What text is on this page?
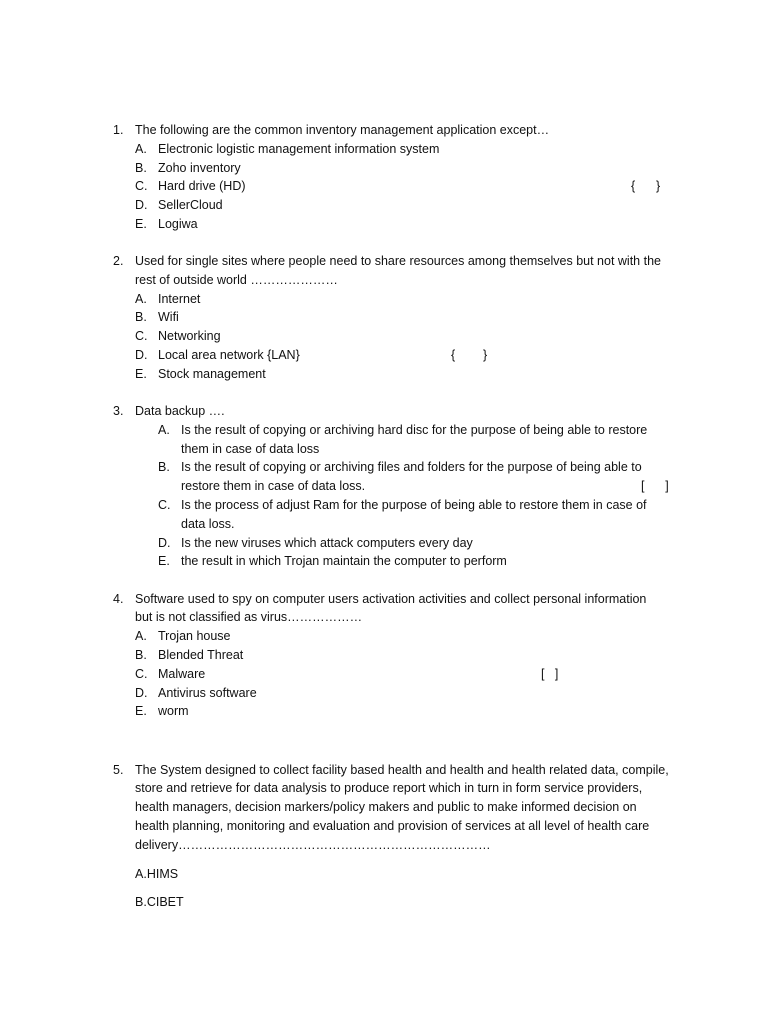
1. The following are the common inventory management application except…
A. Electronic logistic management information system
B. Zoho inventory
C. Hard drive (HD)	{      }
D. SellerCloud
E. Logiwa
2. Used for single sites where people need to share resources among themselves but not with the
rest of outside world …………………
A. Internet
B. Wifi
C. Networking
D. Local area network {LAN}	{        }
E. Stock management
3. Data backup ….
A. Is the result of copying or archiving hard disc for the purpose of being able to restore
them in case of data loss
B. Is the result of copying or archiving files and folders for the purpose of being able to
restore them in case of data loss.	[      ]
C. Is the process of adjust Ram for the purpose of being able to restore them in case of
data loss.
D. Is the new viruses which attack computers every day
E. the result in which Trojan maintain the computer to perform
4. Software used to spy on computer users activation activities and collect personal information
but is not classified as virus………………
A. Trojan house
B. Blended Threat
C. Malware	[   ]
D. Antivirus software
E. worm
5. The System designed to collect facility based health and health and health related data, compile,
store and retrieve for data analysis to produce report which in turn in form service providers,
health managers, decision markers/policy makers and public to make informed decision on
health planning, monitoring and evaluation and provision of services at all level of health care
delivery…………………………………………………………………
A.HIMS
B.CIBET
